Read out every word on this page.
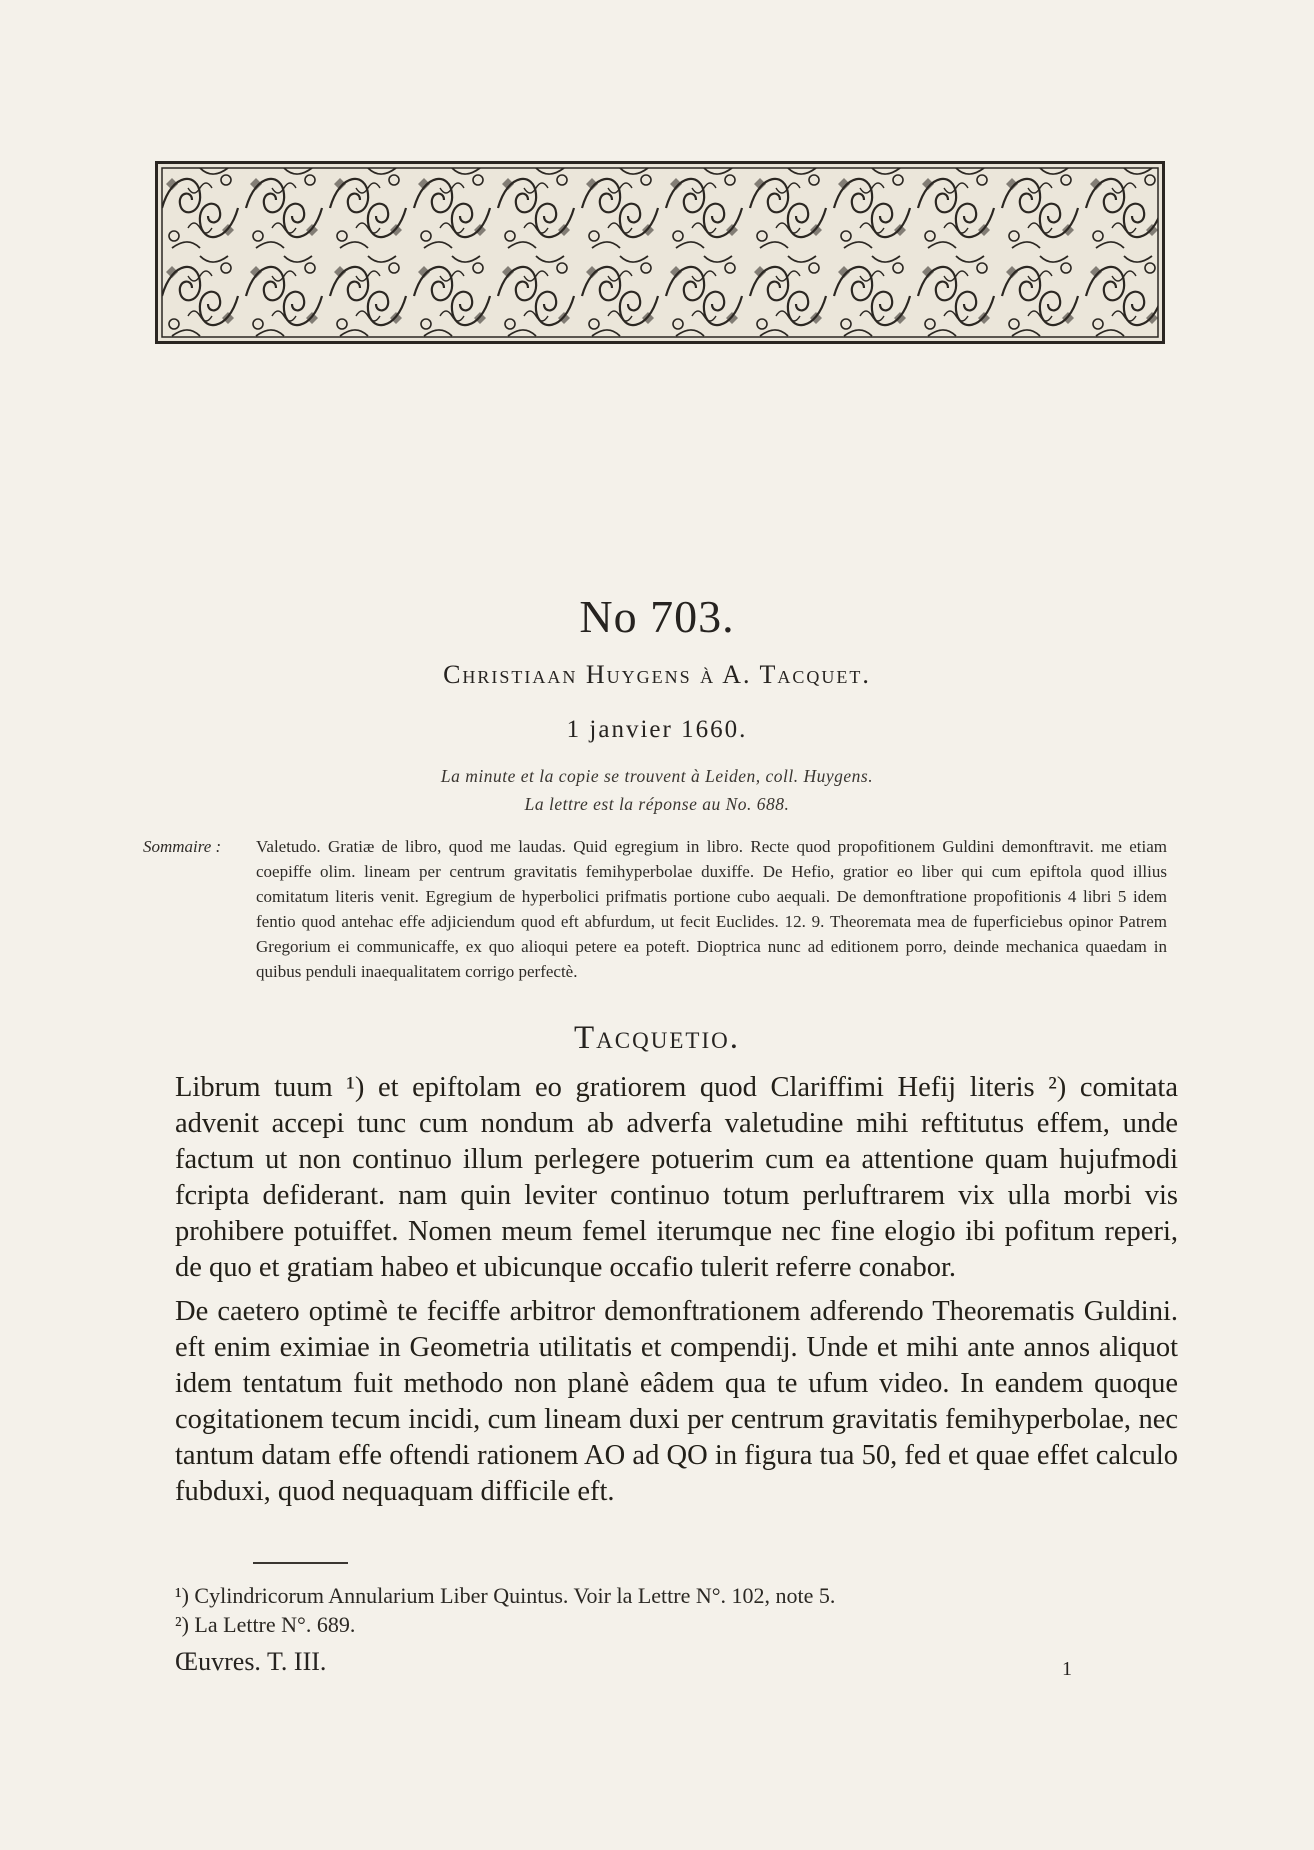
No 703.
Christiaan Huygens à A. Tacquet.
1 janvier 1660.
La minute et la copie se trouvent à Leiden, coll. Huygens.
La lettre est la réponse au No. 688.
Sommaire : Valetudo. Gratiæ de libro, quod me laudas. Quid egregium in libro. Recte quod propofitionem Guldini demonftravit. me etiam coepiffe olim. lineam per centrum gravitatis femihyperbolae duxiffe. De Hefio, gratior eo liber qui cum epiftola quod illius comitatum literis venit. Egregium de hyperbolici prifmatis portione cubo aequali. De demonftratione propofitionis 4 libri 5 idem fentio quod antehac effe adjiciendum quod eft abfurdum, ut fecit Euclides. 12. 9. Theoremata mea de fuperficiebus opinor Patrem Gregorium ei communicaffe, ex quo alioqui petere ea poteft. Dioptrica nunc ad editionem porro, deinde mechanica quaedam in quibus penduli inaequalitatem corrigo perfectè.
Tacquetio.

Librum tuum ¹) et epiftolam eo gratiorem quod Clariffimi Hefij literis ²) comitata advenit accepi tunc cum nondum ab adverfa valetudine mihi reftitutus effem, unde factum ut non continuo illum perlegere potuerim cum ea attentione quam hujufmodi fcripta defiderant. nam quin leviter continuo totum perluftrarem vix ulla morbi vis prohibere potuiffet. Nomen meum femel iterumque nec fine elogio ibi pofitum reperi, de quo et gratiam habeo et ubicunque occafio tulerit referre conabor.

De caetero optimè te feciffe arbitror demonftrationem adferendo Theorematis Guldini. eft enim eximiae in Geometria utilitatis et compendij. Unde et mihi ante annos aliquot idem tentatum fuit methodo non planè eâdem qua te ufum video. In eandem quoque cogitationem tecum incidi, cum lineam duxi per centrum gravitatis femihyperbolae, nec tantum datam effe oftendi rationem AO ad QO in figura tua 50, fed et quae effet calculo fubduxi, quod nequaquam difficile eft.

¹) Cylindricorum Annularium Liber Quintus. Voir la Lettre N°. 102, note 5.
²) La Lettre N°. 689.
Œuvres. T. III.	1
